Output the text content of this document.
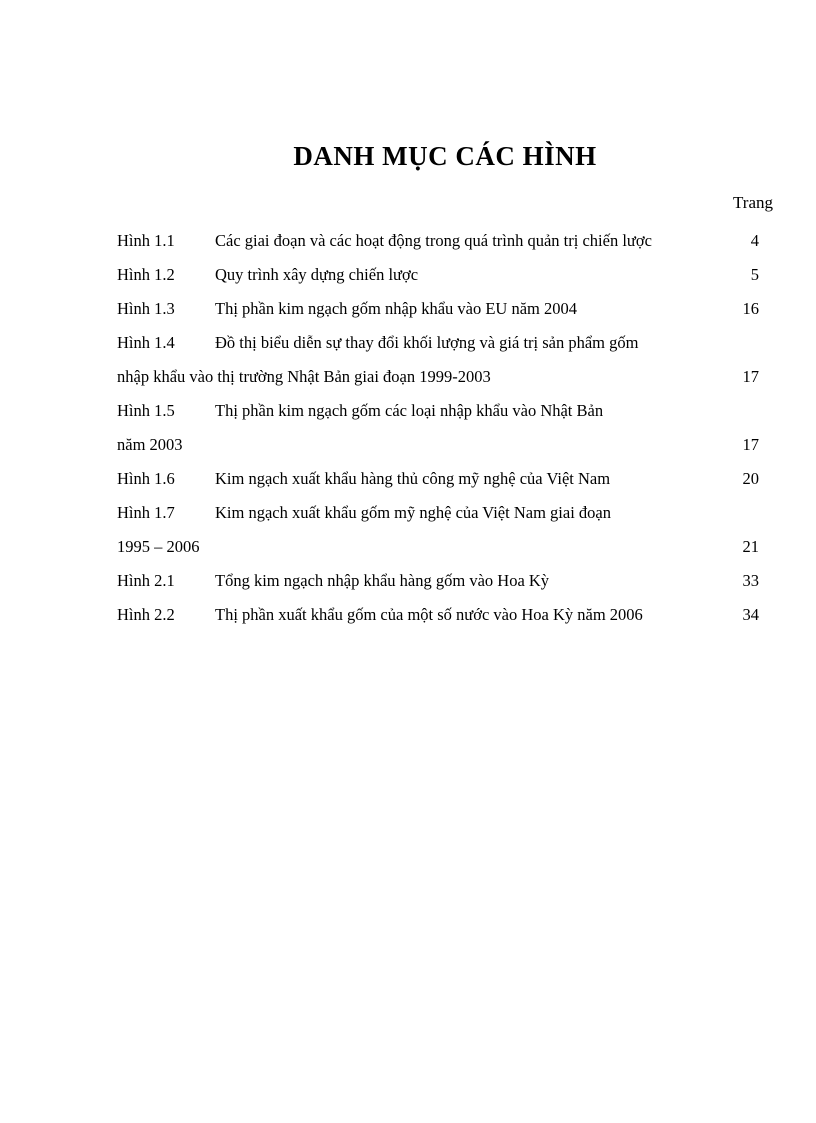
DANH MỤC CÁC HÌNH
Trang
Hình 1.1 Các giai đoạn và các hoạt động trong quá trình quản trị chiến lược	4
Hình 1.2 Quy trình xây dựng chiến lược	5
Hình 1.3 Thị phần kim ngạch gốm nhập khẩu vào EU năm 2004	16
Hình 1.4 Đồ thị biểu diễn sự thay đổi khối lượng và giá trị sản phẩm gốm
nhập khẩu vào thị trường Nhật Bản giai đoạn 1999-2003	17
Hình 1.5 Thị phần kim ngạch gốm các loại nhập khẩu vào Nhật Bản
năm 2003	17
Hình 1.6 Kim ngạch xuất khẩu hàng thủ công mỹ nghệ của Việt Nam	20
Hình 1.7 Kim ngạch xuất khẩu gốm mỹ nghệ của Việt Nam giai đoạn
1995 – 2006	21
Hình 2.1 Tổng kim ngạch nhập khẩu hàng gốm vào Hoa Kỳ	33
Hình 2.2 Thị phần xuất khẩu gốm của một số nước vào Hoa Kỳ năm 2006	34
